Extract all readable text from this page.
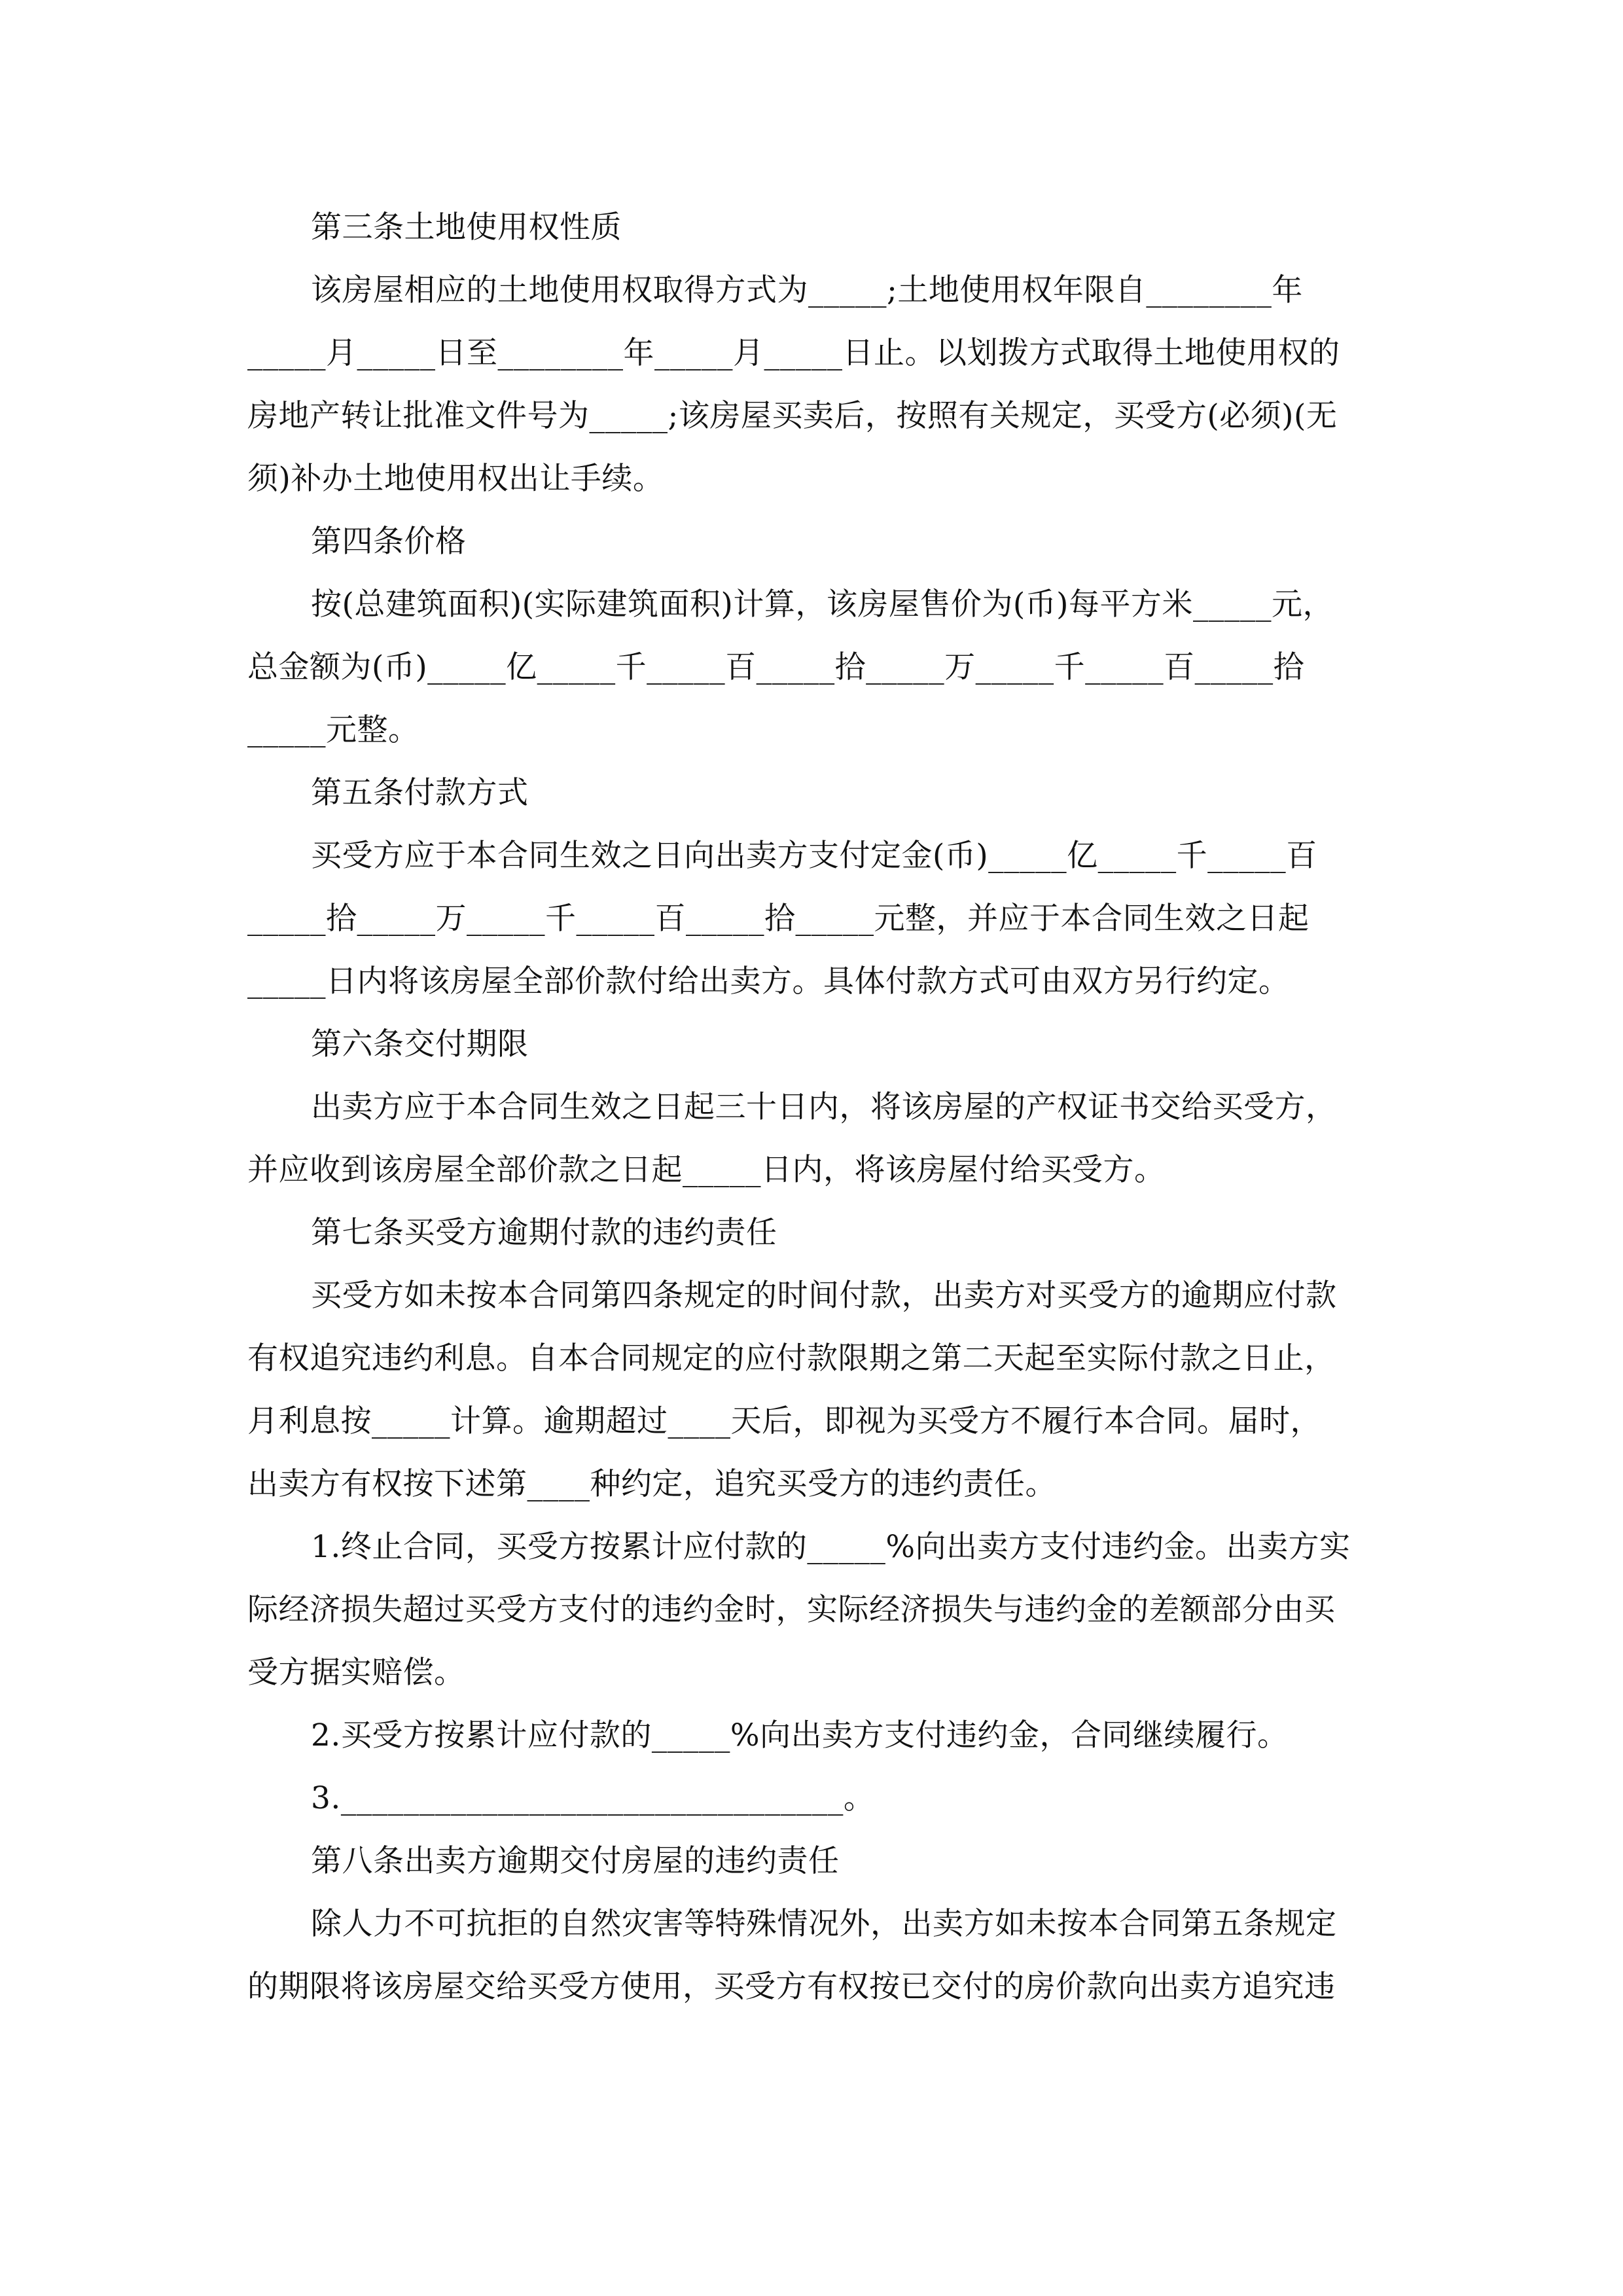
第三条土地使用权性质
该房屋相应的土地使用权取得方式为_____;土地使用权年限自________年
_____月_____日至________年_____月_____日止。以划拨方式取得土地使用权的
房地产转让批准文件号为_____;该房屋买卖后，按照有关规定，买受方(必须)(无
须)补办土地使用权出让手续。
第四条价格
按(总建筑面积)(实际建筑面积)计算，该房屋售价为(币)每平方米_____元，
总金额为(币)_____亿_____千_____百_____拾_____万_____千_____百_____拾
_____元整。
第五条付款方式
买受方应于本合同生效之日向出卖方支付定金(币)_____亿_____千_____百
_____拾_____万_____千_____百_____拾_____元整，并应于本合同生效之日起
_____日内将该房屋全部价款付给出卖方。具体付款方式可由双方另行约定。
第六条交付期限
出卖方应于本合同生效之日起三十日内，将该房屋的产权证书交给买受方，
并应收到该房屋全部价款之日起_____日内，将该房屋付给买受方。
第七条买受方逾期付款的违约责任
买受方如未按本合同第四条规定的时间付款，出卖方对买受方的逾期应付款
有权追究违约利息。自本合同规定的应付款限期之第二天起至实际付款之日止，
月利息按_____计算。逾期超过____天后，即视为买受方不履行本合同。届时，
出卖方有权按下述第____种约定，追究买受方的违约责任。
1.终止合同，买受方按累计应付款的_____%向出卖方支付违约金。出卖方实
际经济损失超过买受方支付的违约金时，实际经济损失与违约金的差额部分由买
受方据实赔偿。
2.买受方按累计应付款的_____%向出卖方支付违约金，合同继续履行。
3.________________________________。
第八条出卖方逾期交付房屋的违约责任
除人力不可抗拒的自然灾害等特殊情况外，出卖方如未按本合同第五条规定
的期限将该房屋交给买受方使用，买受方有权按已交付的房价款向出卖方追究违
